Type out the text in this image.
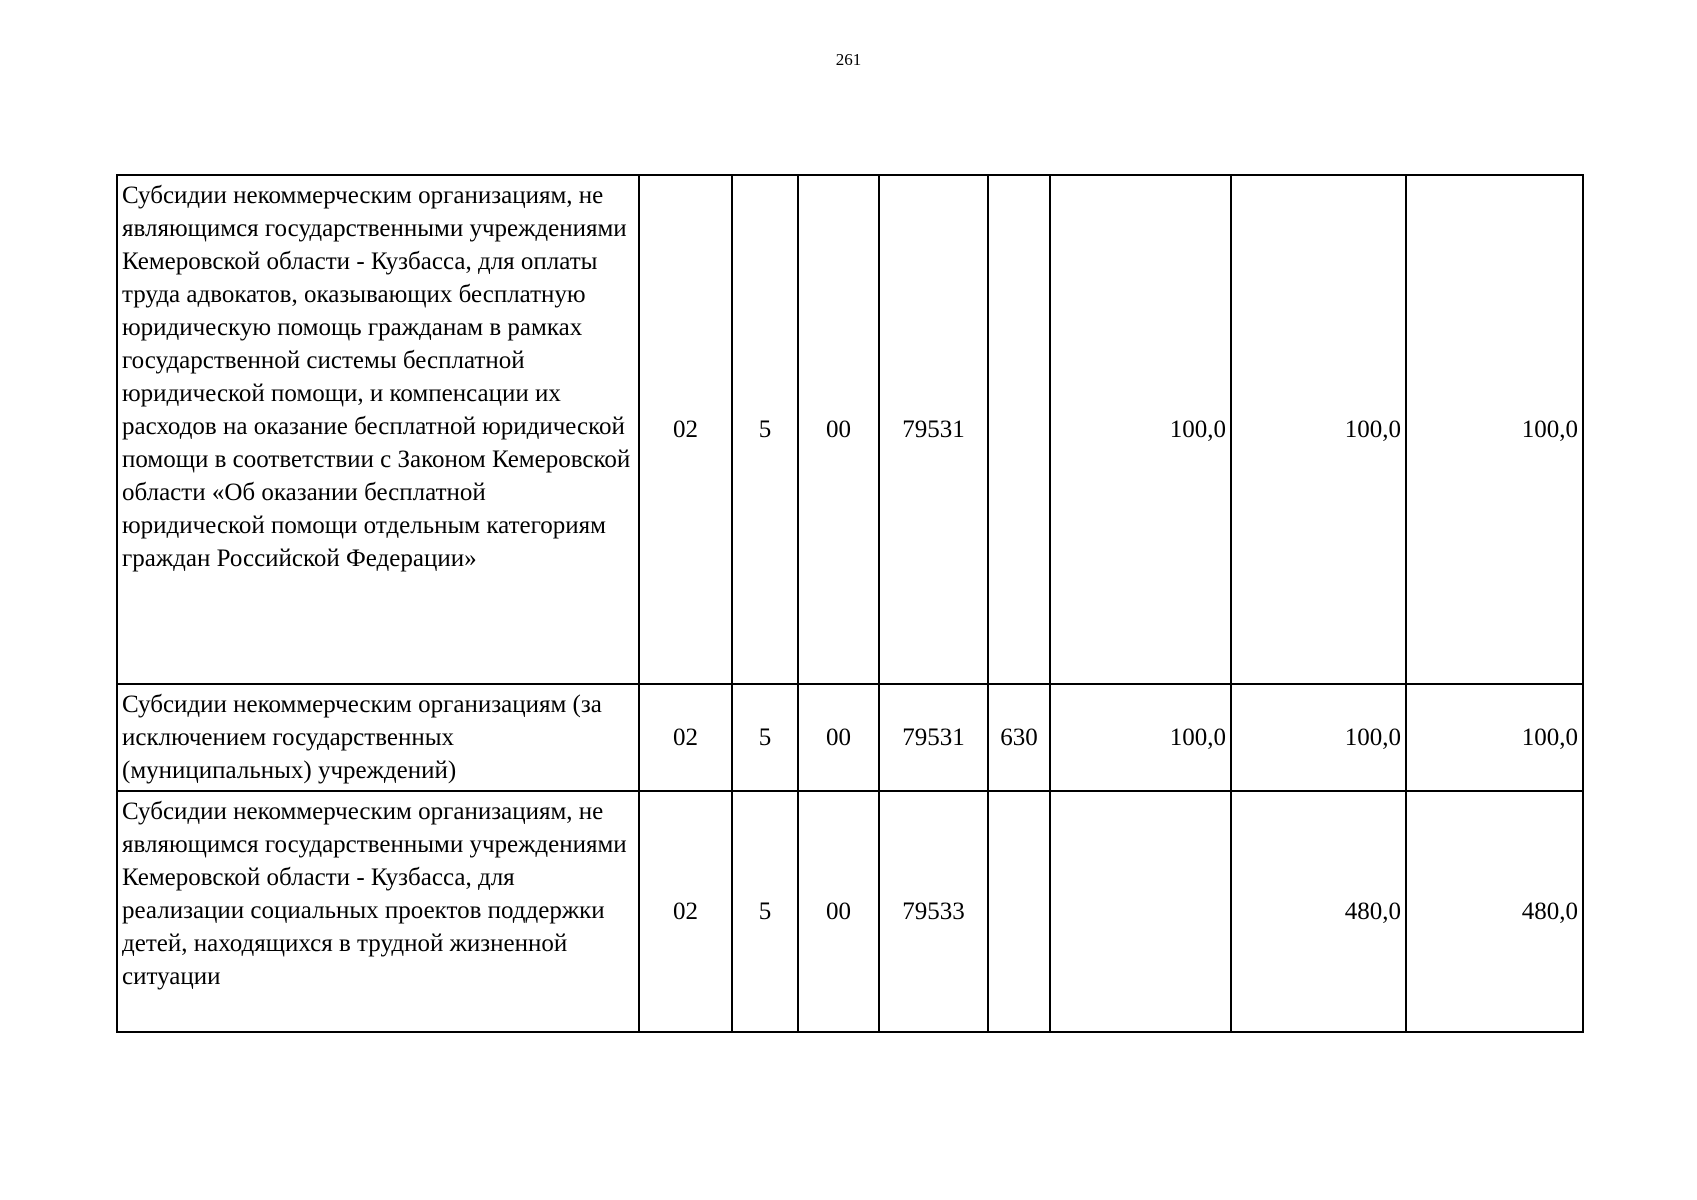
261
Субсидии некоммерческим организациям, не являющимся государственными учреждениями Кемеровской области - Кузбасса, для оплаты труда адвокатов, оказывающих бесплатную юридическую помощь гражданам в рамках государственной системы бесплатной юридической помощи, и компенсации их расходов на оказание бесплатной юридической помощи в соответствии с Законом Кемеровской области «Об оказании бесплатной юридической помощи отдельным категориям граждан Российской Федерации»	02	5	00	79531		100,0	100,0	100,0
Субсидии некоммерческим организациям (за исключением государственных (муниципальных) учреждений)	02	5	00	79531	630	100,0	100,0	100,0
Субсидии некоммерческим организациям, не являющимся государственными учреждениями Кемеровской области - Кузбасса, для реализации социальных проектов поддержки детей, находящихся в трудной жизненной ситуации	02	5	00	79533			480,0	480,0
